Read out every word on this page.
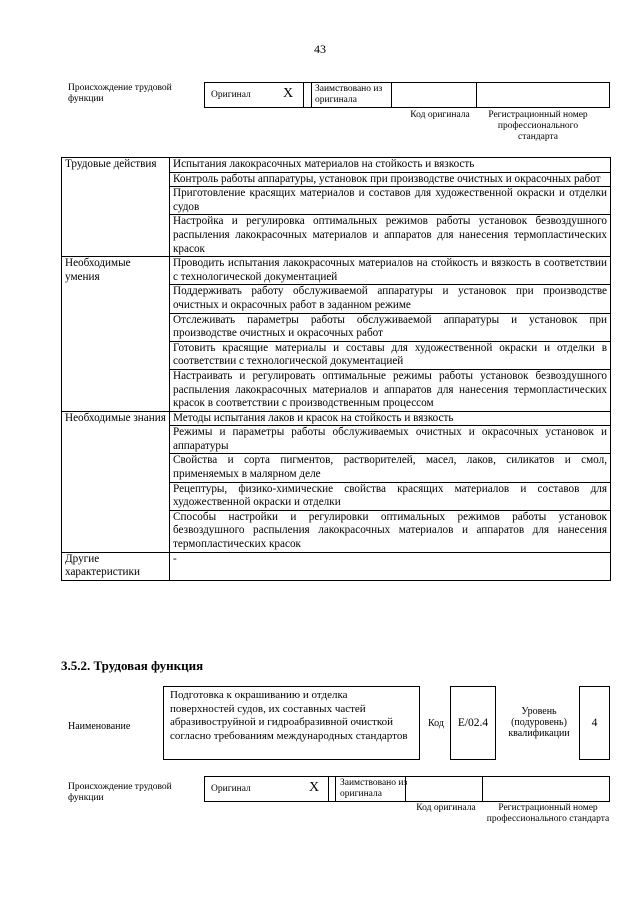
43
Происхождение трудовой функции	Оригинал X Заимствовано из оригинала
Код оригинала	Регистрационный номер профессионального стандарта
Трудовые действия	Испытания лакокрасочных материалов на стойкость и вязкость
	Контроль работы аппаратуры, установок при производстве очистных и окрасочных работ
	Приготовление красящих материалов и составов для художественной окраски и отделки судов
	Настройка и регулировка оптимальных режимов работы установок безвоздушного распыления лакокрасочных материалов и аппаратов для нанесения термопластических красок
Необходимые умения	Проводить испытания лакокрасочных материалов на стойкость и вязкость в соответствии с технологической документацией
	Поддерживать работу обслуживаемой аппаратуры и установок при производстве очистных и окрасочных работ в заданном режиме
	Отслеживать параметры работы обслуживаемой аппаратуры и установок при производстве очистных и окрасочных работ
	Готовить красящие материалы и составы для художественной окраски и отделки в соответствии с технологической документацией
	Настраивать и регулировать оптимальные режимы работы установок безвоздушного распыления лакокрасочных материалов и аппаратов для нанесения термопластических красок в соответствии с производственным процессом
Необходимые знания	Методы испытания лаков и красок на стойкость и вязкость
	Режимы и параметры работы обслуживаемых очистных и окрасочных установок и аппаратуры
	Свойства и сорта пигментов, растворителей, масел, лаков, силикатов и смол, применяемых в малярном деле
	Рецептуры, физико-химические свойства красящих материалов и составов для художественной окраски и отделки
	Способы настройки и регулировки оптимальных режимов работы установок безвоздушного распыления лакокрасочных материалов и аппаратов для нанесения термопластических красок
Другие характеристики	-
3.5.2. Трудовая функция
Наименование
Подготовка к окрашиванию и отделка поверхностей судов, их составных частей абразивоструйной и гидроабразивной очисткой согласно требованиям международных стандартов
Код	E/02.4
Уровень (подуровень) квалификации
4
Происхождение трудовой функции
Оригинал	X Заимствовано из оригинала
Код оригинала	Регистрационный номер профессионального стандарта
